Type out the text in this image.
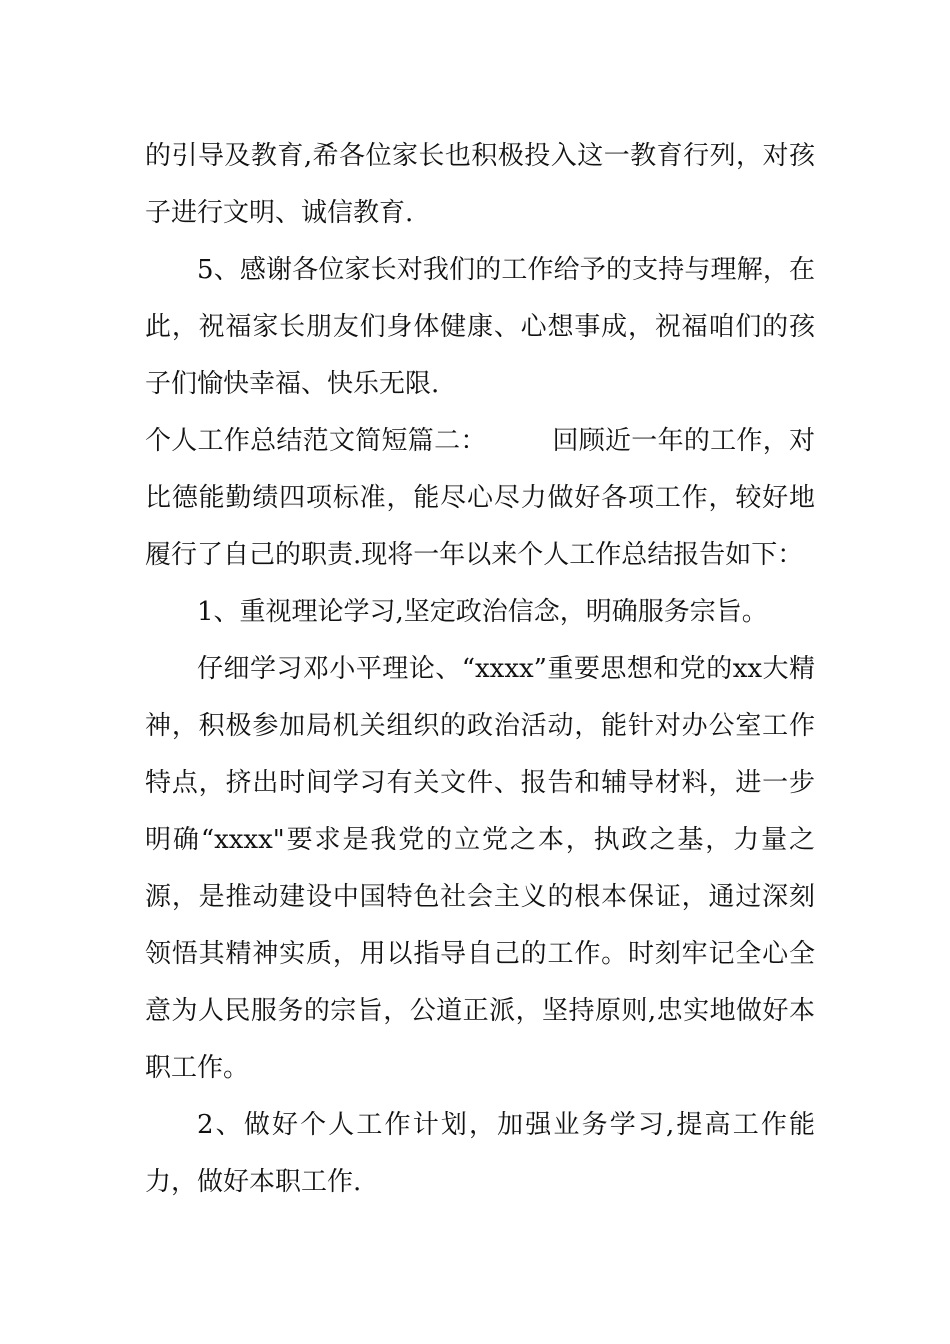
的引导及教育,希各位家长也积极投入这一教育行列，对孩子进行文明、诚信教育.

5、感谢各位家长对我们的工作给予的支持与理解，在此，祝福家长朋友们身体健康、心想事成，祝福咱们的孩子们愉快幸福、快乐无限.

个人工作总结范文简短篇二：　　　回顾近一年的工作，对比德能勤绩四项标准，能尽心尽力做好各项工作，较好地履行了自己的职责.现将一年以来个人工作总结报告如下：

1、重视理论学习,坚定政治信念，明确服务宗旨。

仔细学习邓小平理论、“xxxx”重要思想和党的xx大精神，积极参加局机关组织的政治活动，能针对办公室工作特点，挤出时间学习有关文件、报告和辅导材料，进一步明确“xxxx"要求是我党的立党之本，执政之基，力量之源，是推动建设中国特色社会主义的根本保证，通过深刻领悟其精神实质，用以指导自己的工作。时刻牢记全心全意为人民服务的宗旨，公道正派，坚持原则,忠实地做好本职工作。

2、做好个人工作计划，加强业务学习,提高工作能力，做好本职工作.
